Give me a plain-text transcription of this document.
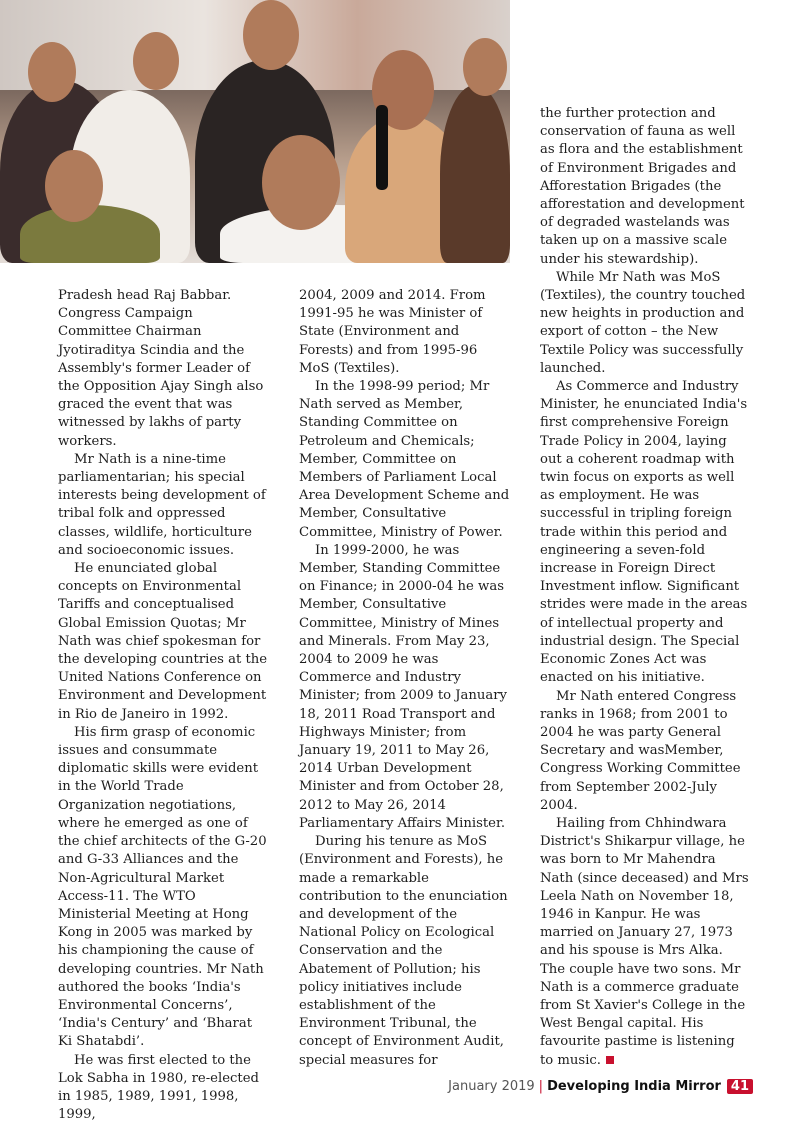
Pradesh head Raj Babbar. Congress Campaign Committee Chairman Jyotiraditya Scindia and the Assembly's former Leader of the Opposition Ajay Singh also graced the event that was witnessed by lakhs of party workers.

Mr Nath is a nine-time parliamentarian; his special interests being development of tribal folk and oppressed classes, wildlife, horticulture and socioeconomic issues.

He enunciated global concepts on Environmental Tariffs and conceptualised Global Emission Quotas; Mr Nath was chief spokesman for the developing countries at the United Nations Conference on Environment and Development in Rio de Janeiro in 1992.

His firm grasp of economic issues and consummate diplomatic skills were evident in the World Trade Organization negotiations, where he emerged as one of the chief architects of the G-20 and G-33 Alliances and the Non-Agricultural Market Access-11. The WTO Ministerial Meeting at Hong Kong in 2005 was marked by his championing the cause of developing countries. Mr Nath authored the books ‘India's Environmental Concerns’, ‘India's Century’ and ‘Bharat Ki Shatabdi’.

He was first elected to the Lok Sabha in 1980, re-elected in 1985, 1989, 1991, 1998, 1999,

2004, 2009 and 2014. From 1991-95 he was Minister of State (Environment and Forests) and from 1995-96 MoS (Textiles).

In the 1998-99 period; Mr Nath served as Member, Standing Committee on Petroleum and Chemicals; Member, Committee on Members of Parliament Local Area Development Scheme and Member, Consultative Committee, Ministry of Power.

In 1999-2000, he was Member, Standing Committee on Finance; in 2000-04 he was Member, Consultative Committee, Ministry of Mines and Minerals. From May 23, 2004 to 2009 he was Commerce and Industry Minister; from 2009 to January 18, 2011 Road Transport and Highways Minister; from January 19, 2011 to May 26, 2014 Urban Development Minister and from October 28, 2012 to May 26, 2014 Parliamentary Affairs Minister.

During his tenure as MoS (Environment and Forests), he made a remarkable contribution to the enunciation and development of the National Policy on Ecological Conservation and the Abatement of Pollution; his policy initiatives include establishment of the Environment Tribunal, the concept of Environment Audit, special measures for

the further protection and conservation of fauna as well as flora and the establishment of Environment Brigades and Afforestation Brigades (the afforestation and development of degraded wastelands was taken up on a massive scale under his stewardship).

While Mr Nath was MoS (Textiles), the country touched new heights in production and export of cotton – the New Textile Policy was successfully launched.

As Commerce and Industry Minister, he enunciated India's first comprehensive Foreign Trade Policy in 2004, laying out a coherent roadmap with twin focus on exports as well as employment. He was successful in tripling foreign trade within this period and engineering a seven-fold increase in Foreign Direct Investment inflow. Significant strides were made in the areas of intellectual property and industrial design. The Special Economic Zones Act was enacted on his initiative.

Mr Nath entered Congress ranks in 1968; from 2001 to 2004 he was party General Secretary and wasMember, Congress Working Committee from September 2002-July 2004.

Hailing from Chhindwara District's Shikarpur village, he was born to Mr Mahendra Nath (since deceased) and Mrs Leela Nath on November 18, 1946 in Kanpur. He was married on January 27, 1973 and his spouse is Mrs Alka. The couple have two sons. Mr Nath is a commerce graduate from St Xavier's College in the West Bengal capital. His favourite pastime is listening to music.

January 2019 | Developing India Mirror 41
